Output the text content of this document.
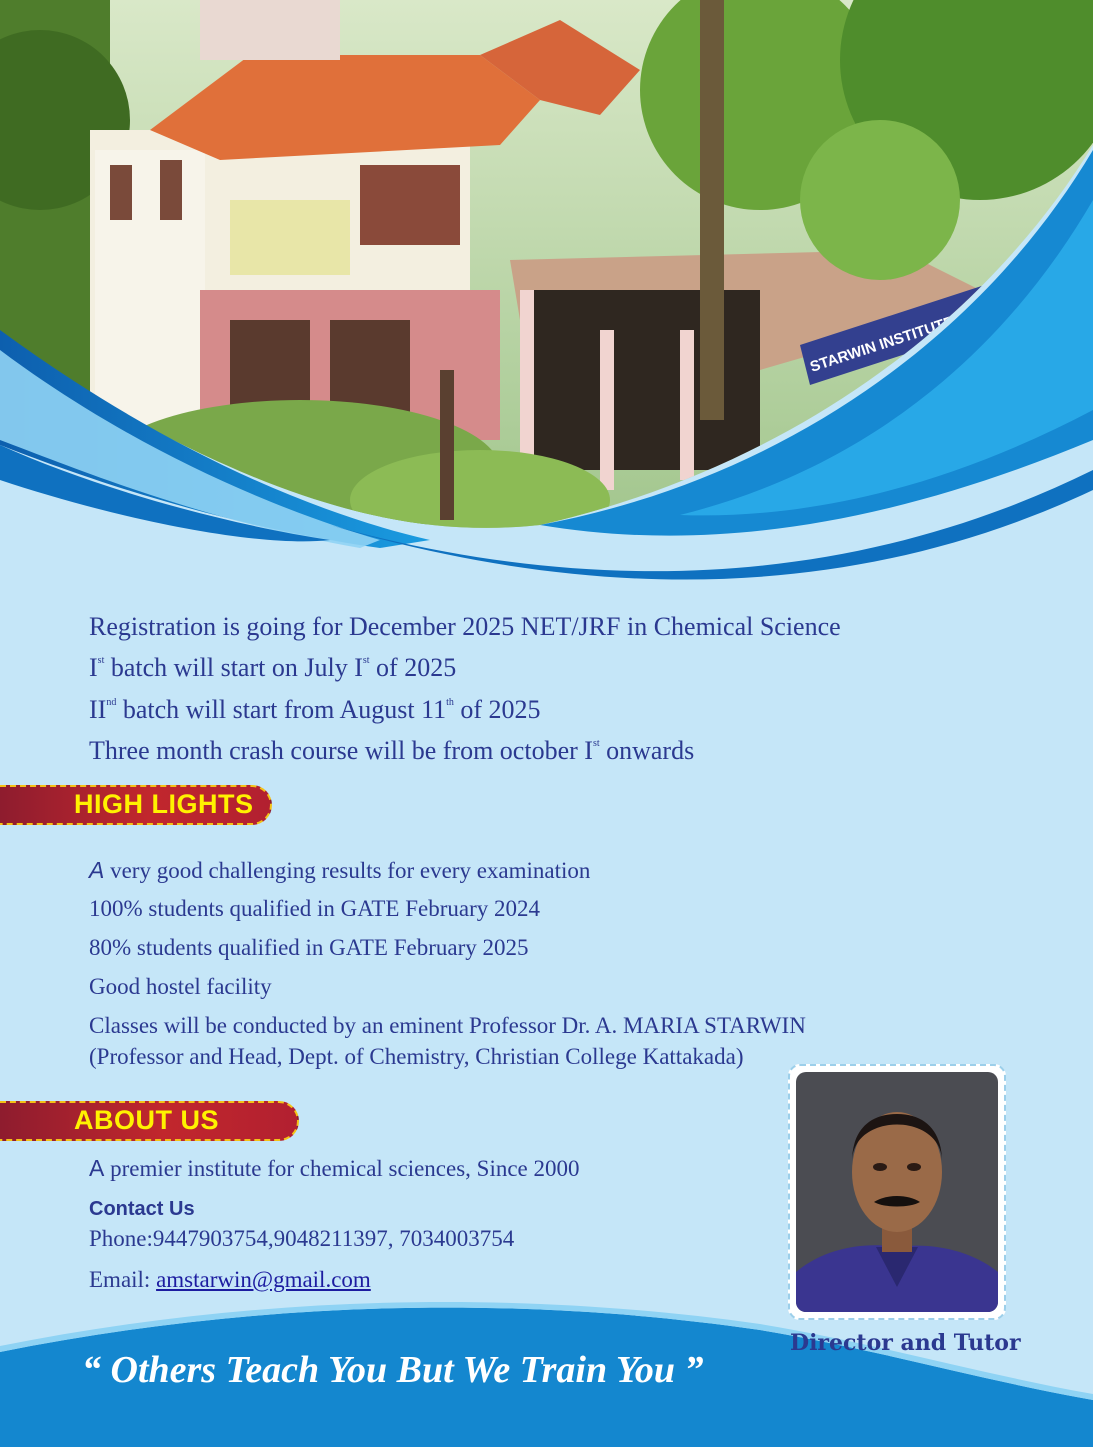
Registration is going for December 2025 NET/JRF in Chemical Science

Ist batch will start on July Ist of 2025

IInd batch will start from August 11th of 2025

Three month crash course will be from october Ist onwards

HIGH LIGHTS

A very good challenging results for every examination

100% students qualified in GATE February 2024

80% students qualified in GATE February 2025

Good hostel facility

Classes will be conducted by an eminent Professor Dr. A. MARIA STARWIN

(Professor and Head, Dept. of Chemistry, Christian College Kattakada)

ABOUT US

A premier institute for chemical sciences, Since 2000

Contact Us

Phone:9447903754,9048211397, 7034003754

Email: amstarwin@gmail.com

Director and Tutor
“ Others Teach You But We Train You ”
